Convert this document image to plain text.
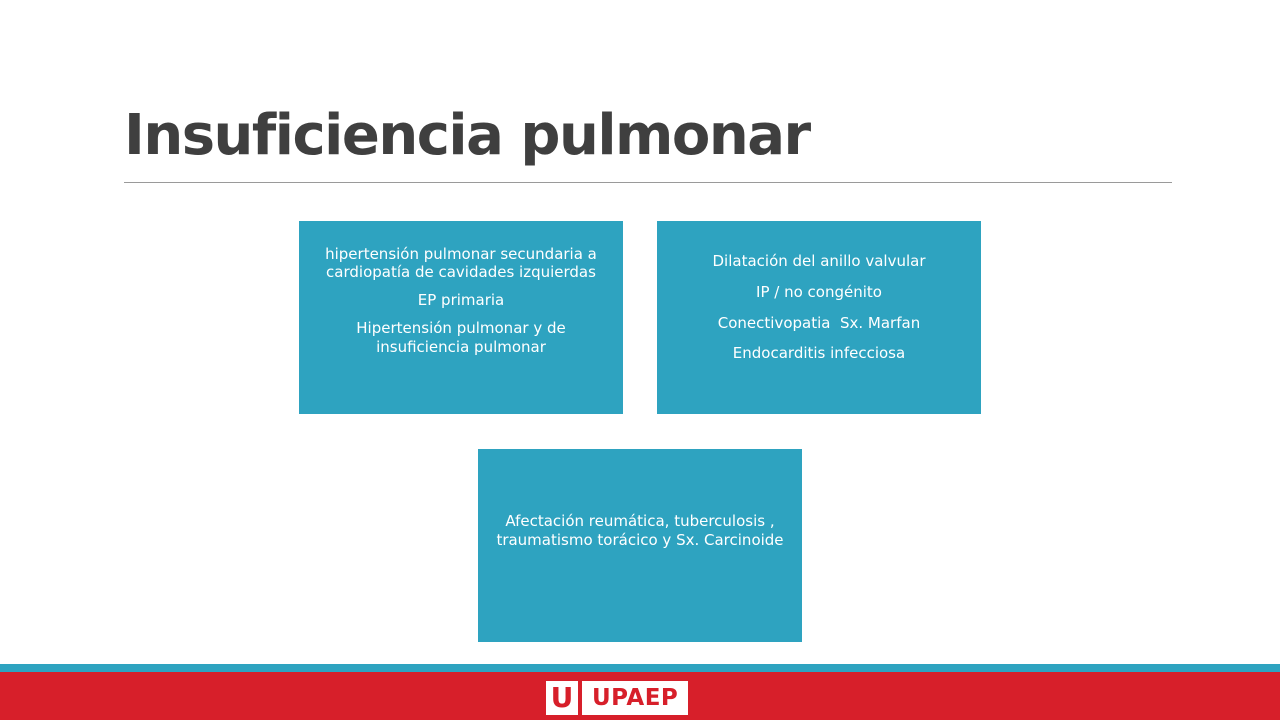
Insuficiencia pulmonar

hipertensión pulmonar secundaria a cardiopatía de cavidades izquierdas

EP primaria

Hipertensión pulmonar y de insuficiencia pulmonar

Dilatación del anillo valvular

IP / no congénito

Conectivopatia  Sx. Marfan

Endocarditis infecciosa

Afectación reumática, tuberculosis , traumatismo torácico y Sx. Carcinoide

U UPAEP
